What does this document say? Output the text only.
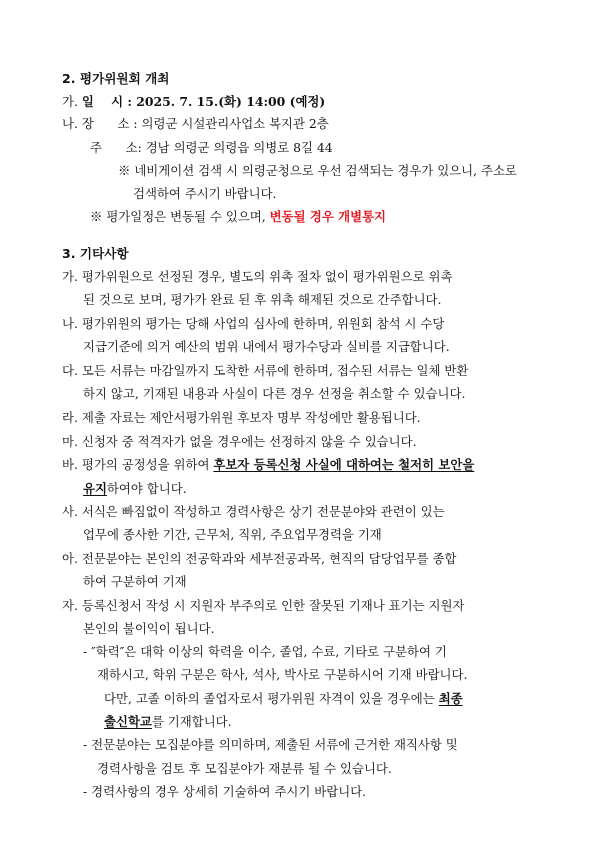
2. 평가위원회 개최
가. 일    시 : 2025. 7. 15.(화) 14:00 (예정)
나. 장      소 : 의령군 시설관리사업소 복지관 2층
주      소: 경남 의령군 의령읍 의병로 8길 44
※ 네비게이션 검색 시 의령군청으로 우선 검색되는 경우가 있으니, 주소로
검색하여 주시기 바랍니다.
※ 평가일정은 변동될 수 있으며, 변동될 경우 개별통지
3. 기타사항
가. 평가위원으로 선정된 경우, 별도의 위촉 절차 없이 평가위원으로 위촉
된 것으로 보며, 평가가 완료 된 후 위촉 해제된 것으로 간주합니다.
나. 평가위원의 평가는 당해 사업의 심사에 한하며, 위원회 참석 시 수당
지급기준에 의거 예산의 범위 내에서 평가수당과 실비를 지급합니다.
다. 모든 서류는 마감일까지 도착한 서류에 한하며, 접수된 서류는 일체 반환
하지 않고, 기재된 내용과 사실이 다른 경우 선정을 취소할 수 있습니다.
라. 제출 자료는 제안서평가위원 후보자 명부 작성에만 활용됩니다.
마. 신청자 중 적격자가 없을 경우에는 선정하지 않을 수 있습니다.
바. 평가의 공정성을 위하여 후보자 등록신청 사실에 대하여는 철저히 보안을
유지하여야 합니다.
사. 서식은 빠짐없이 작성하고 경력사항은 상기 전문분야와 관련이 있는
업무에 종사한 기간, 근무처, 직위, 주요업무경력을 기재
아. 전문분야는 본인의 전공학과와 세부전공과목, 현직의 담당업무를 종합
하여 구분하여 기재
자. 등록신청서 작성 시 지원자 부주의로 인한 잘못된 기재나 표기는 지원자
본인의 불이익이 됩니다.
- ″학력″은 대학 이상의 학력을 이수, 졸업, 수료, 기타로 구분하여 기
재하시고, 학위 구분은 학사, 석사, 박사로 구분하시어 기재 바랍니다.
다만, 고졸 이하의 졸업자로서 평가위원 자격이 있을 경우에는 최종
출신학교를 기재합니다.
- 전문분야는 모집분야를 의미하며, 제출된 서류에 근거한 재직사항 및
경력사항을 검토 후 모집분야가 재분류 될 수 있습니다.
- 경력사항의 경우 상세히 기술하여 주시기 바랍니다.
